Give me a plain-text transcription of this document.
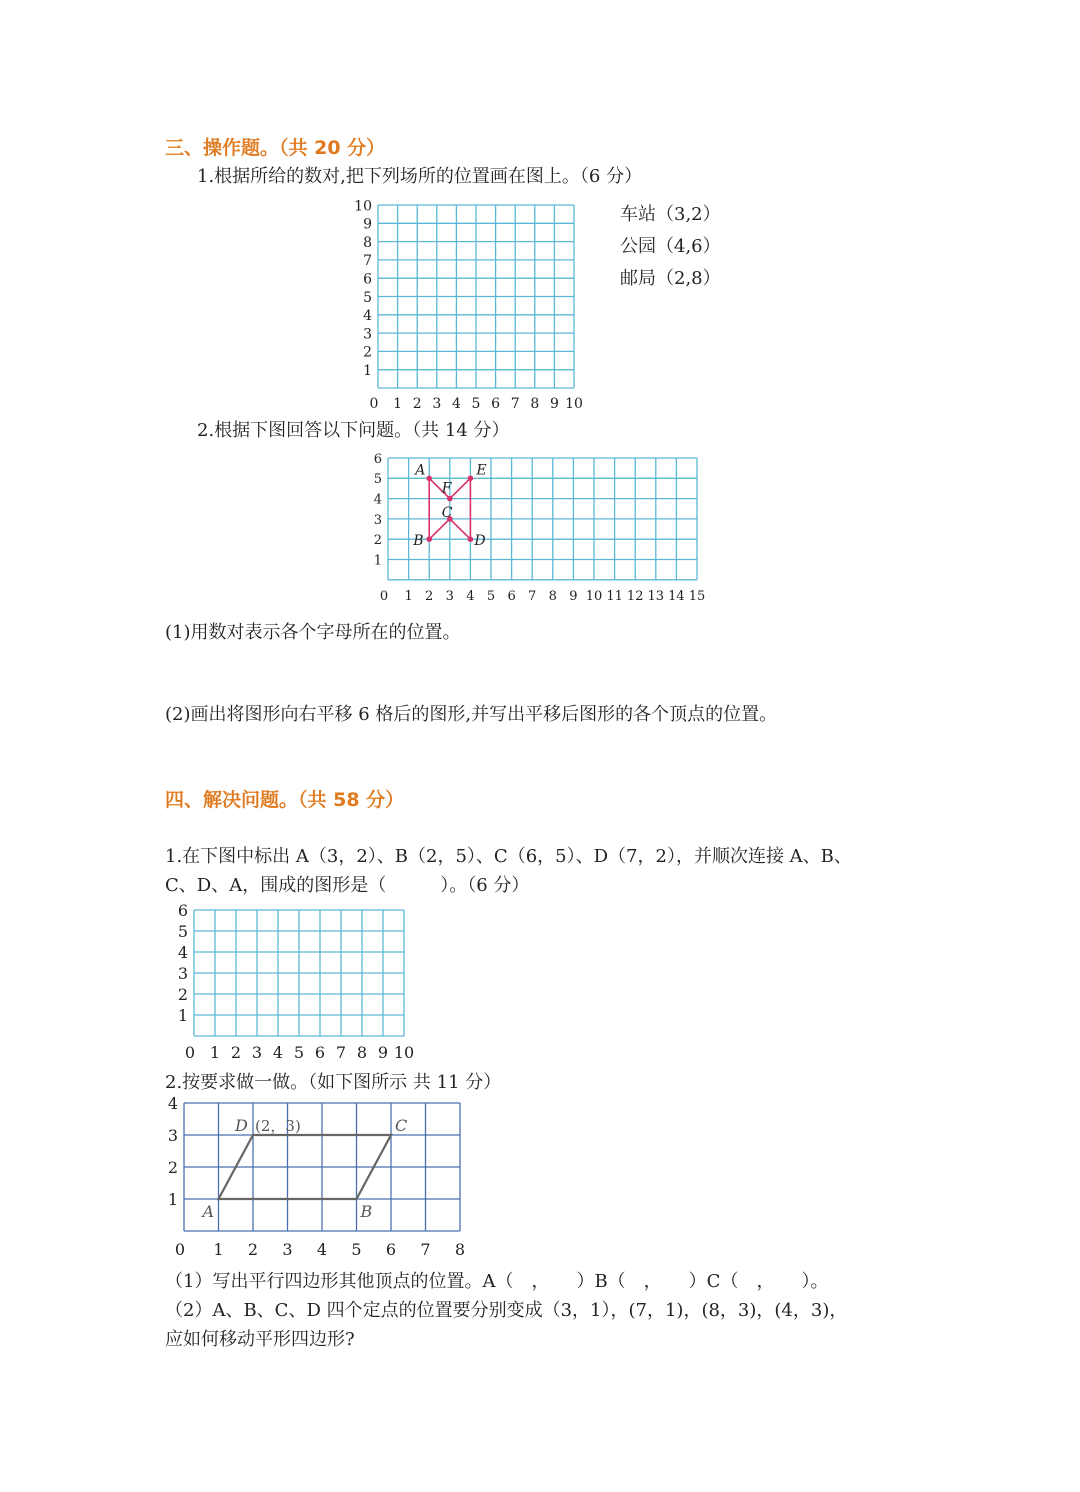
三、操作题。（共 20 分）
1.根据所给的数对,把下列场所的位置画在图上。（6 分）
0 1 2 3 4 5 6 7 8 9 10
1
2
3
4
5
6
7
8
9
10	车站（3,2）
公园（4,6）
邮局（2,8）
2.根据下图回答以下问题。（共 14 分）
A
F
E
D
C
B
0 1 2 3 4 5 6 7 8 9 10 11 12 13 14 15
1
2
3
4
5
6
(1)用数对表示各个字母所在的位置。
(2)画出将图形向右平移 6 格后的图形,并写出平移后图形的各个顶点的位置。
四、解决问题。（共 58 分）
1.在下图中标出 A（3，2）、B（2，5）、C（6，5）、D（7，2），并顺次连接 A、B、
C、D、A，围成的图形是（　　　）。（6 分）
0 1 2 3 4 5 6 7 8 9 10
1
2
3
4
5
6
2.按要求做一做。（如下图所示 共 11 分）
A	B
C
D (2，3)
0 1 2 3 4 5 6 7 8
1
2
3
4
（1）写出平行四边形其他顶点的位置。A（　，　　）B（　，　　）C（　，　　）。
（2）A、B、C、D 四个定点的位置要分别变成（3，1），(7，1)，(8，3)，(4，3)，
应如何移动平形四边形?
